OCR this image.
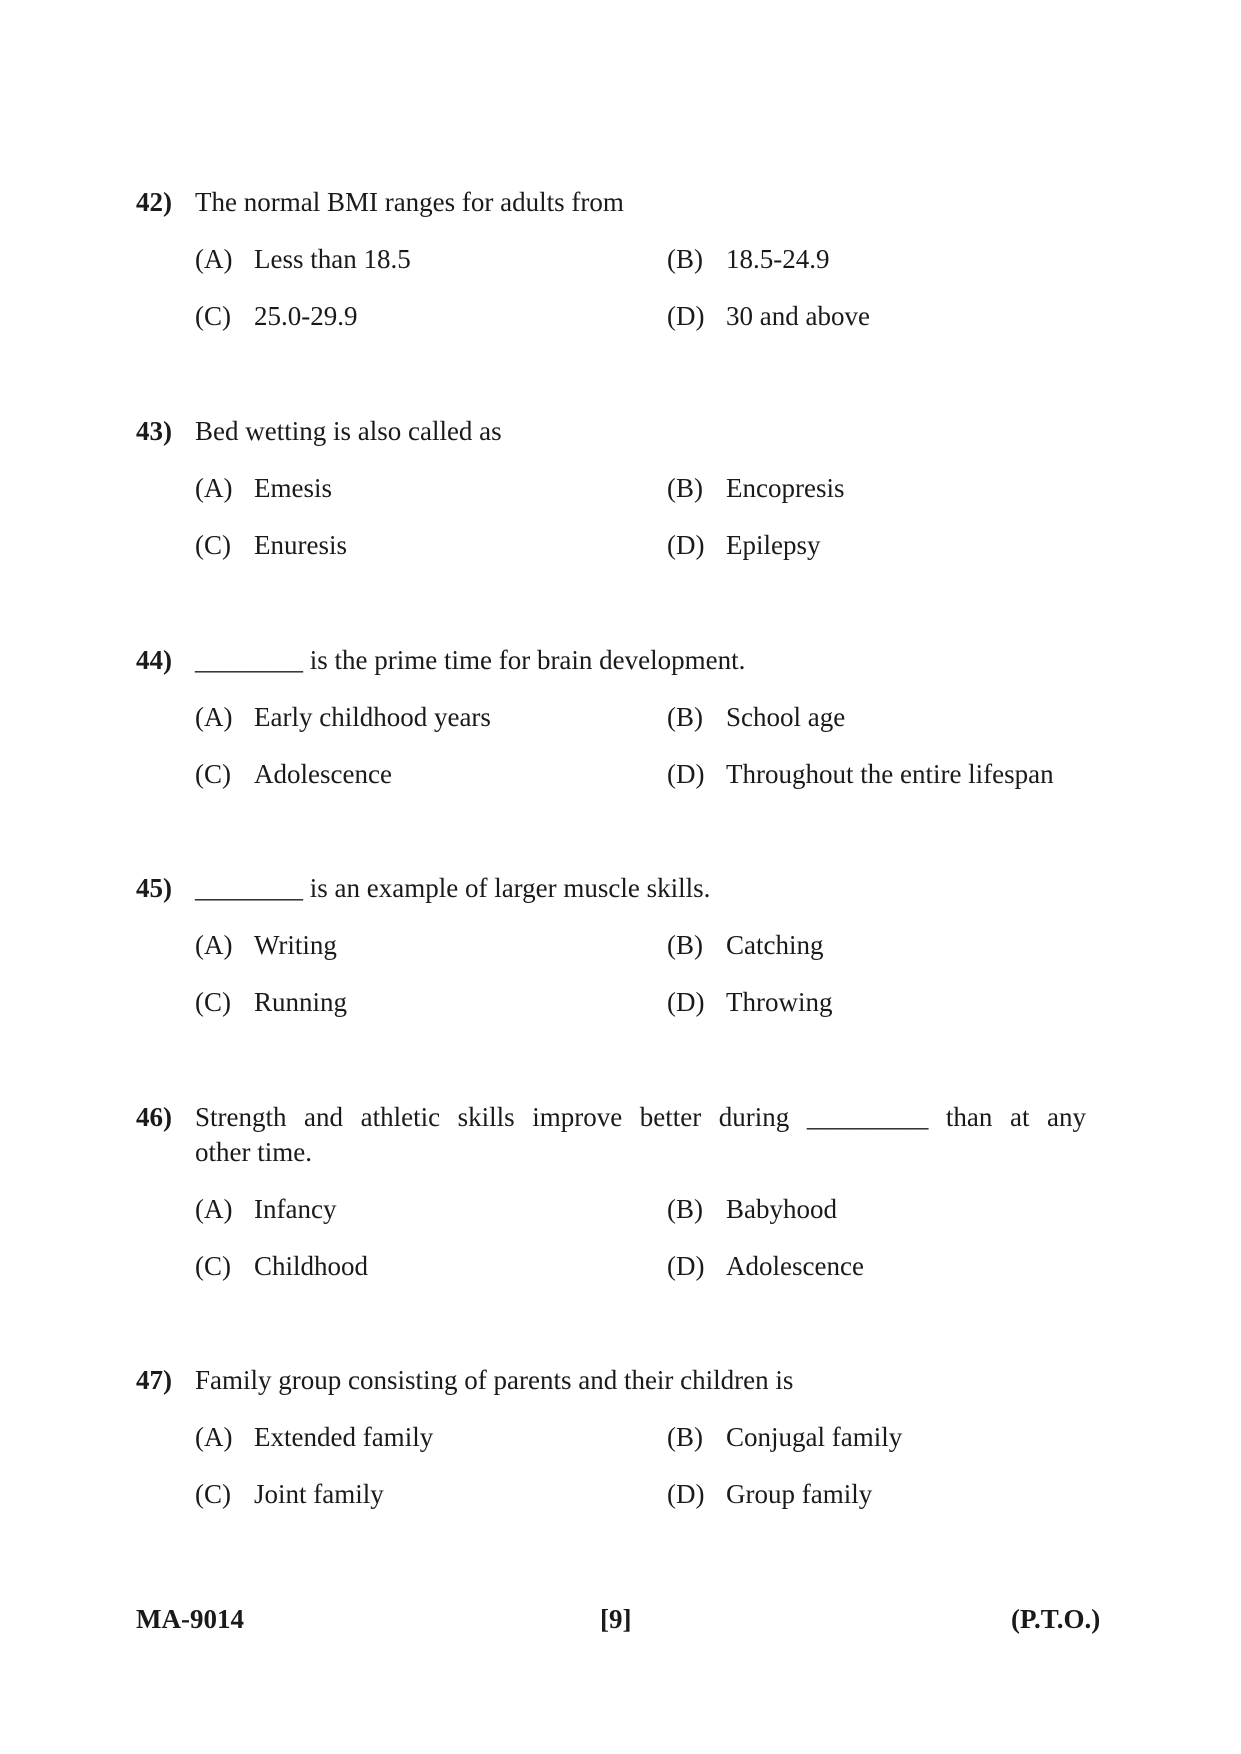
42) The normal BMI ranges for adults from
(A) Less than 18.5	(B) 18.5-24.9
(C) 25.0-29.9	(D) 30 and above
43) Bed wetting is also called as
(A) Emesis	(B) Encopresis
(C) Enuresis	(D) Epilepsy
44) ________ is the prime time for brain development.
(A) Early childhood years	(B) School age
(C) Adolescence	(D) Throughout the entire lifespan
45) ________ is an example of larger muscle skills.
(A) Writing	(B) Catching
(C) Running	(D) Throwing
46) Strength and athletic skills improve better during _________ than at any
other time.
(A) Infancy	(B) Babyhood
(C) Childhood	(D) Adolescence
47) Family group consisting of parents and their children is
(A) Extended family	(B) Conjugal family
(C) Joint family	(D) Group family
MA-9014	[9]	(P.T.O.)
